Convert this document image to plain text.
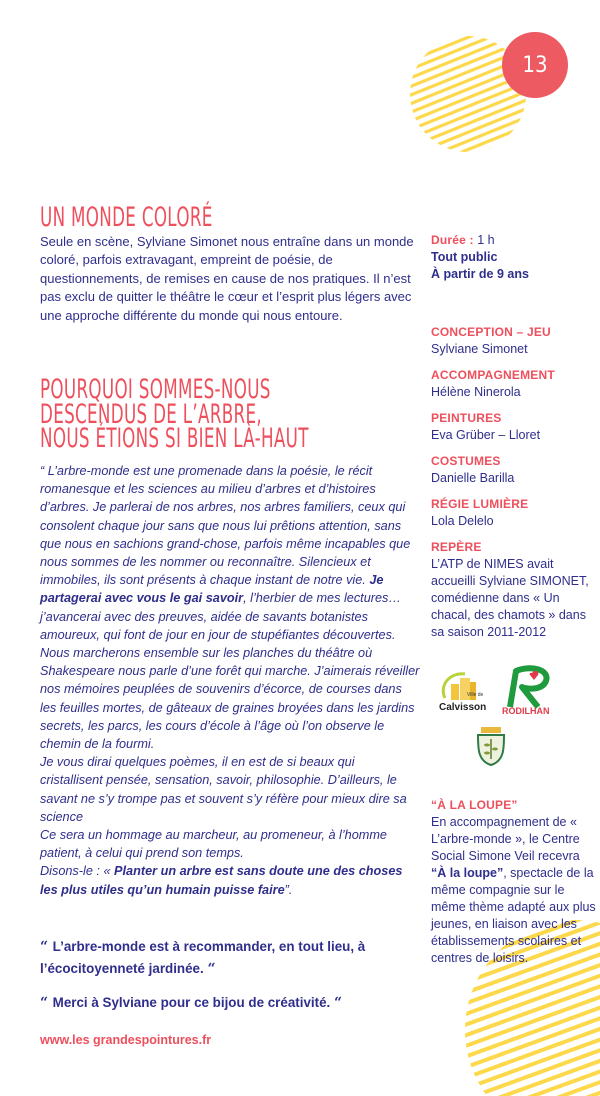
13
UN MONDE COLORÉ

Seule en scène, Sylviane Simonet nous entraîne dans un monde coloré, parfois extravagant, empreint de poésie, de questionnements, de remises en cause de nos pratiques. Il n’est pas exclu de quitter le théâtre le cœur et l’esprit plus légers avec une approche différente du monde qui nous entoure.

POURQUOI SOMMES-NOUS
DESCENDUS DE L’ARBRE,
NOUS ÉTIONS SI BIEN LÀ-HAUT

“ L’arbre-monde est une promenade dans la poésie, le récit romanesque et les sciences au milieu d’arbres et d’histoires d’arbres. Je parlerai de nos arbres, nos arbres familiers, ceux qui consolent chaque jour sans que nous lui prêtions attention, sans que nous en sachions grand-chose, parfois même incapables que nous sommes de les nommer ou reconnaître. Silencieux et immobiles, ils sont présents à chaque instant de notre vie. Je partagerai avec vous le gai savoir, l’herbier de mes lectures…j’avancerai avec des preuves, aidée de savants botanistes amoureux, qui font de jour en jour de stupéfiantes découvertes. Nous marcherons ensemble sur les planches du théâtre où Shakespeare nous parle d’une forêt qui marche. J’aimerais réveiller nos mémoires peuplées de souvenirs d’écorce, de courses dans les feuilles mortes, de gâteaux de graines broyées dans les jardins secrets, les parcs, les cours d’école à l’âge où l’on observe le chemin de la fourmi.

Je vous dirai quelques poèmes, il en est de si beaux qui cristallisent pensée, sensation, savoir, philosophie. D’ailleurs, le savant ne s’y trompe pas et souvent s’y réfère pour mieux dire sa science

Ce sera un hommage au marcheur, au promeneur, à l’homme patient, à celui qui prend son temps.

Disons-le : « Planter un arbre est sans doute une des choses les plus utiles qu’un humain puisse faire”.

“ L’arbre-monde est à recommander, en tout lieu, à l’écocitoyenneté jardinée. “
“ Merci à Sylviane pour ce bijou de créativité. “
www.les grandespointures.fr
Durée : 1 h
Tout public
À partir de 9 ans
CONCEPTION – JEU
Sylviane Simonet
ACCOMPAGNEMENT
Hélène Ninerola
PEINTURES
Eva Grüber – Lloret
COSTUMES
Danielle Barilla
RÉGIE LUMIÈRE
Lola Delelo
REPÈRE
L’ATP de NIMES avait accueilli Sylviane SIMONET, comédienne dans « Un chacal, des chamots » dans sa saison 2011-2012
Ville de
Calvisson RODILHAN
“À LA LOUPE”
En accompagnement de « L’arbre-monde », le Centre Social Simone Veil recevra “À la loupe”, spectacle de la même compagnie sur le même thème adapté aux plus jeunes, en liaison avec les établissements scolaires et centres de loisirs.
